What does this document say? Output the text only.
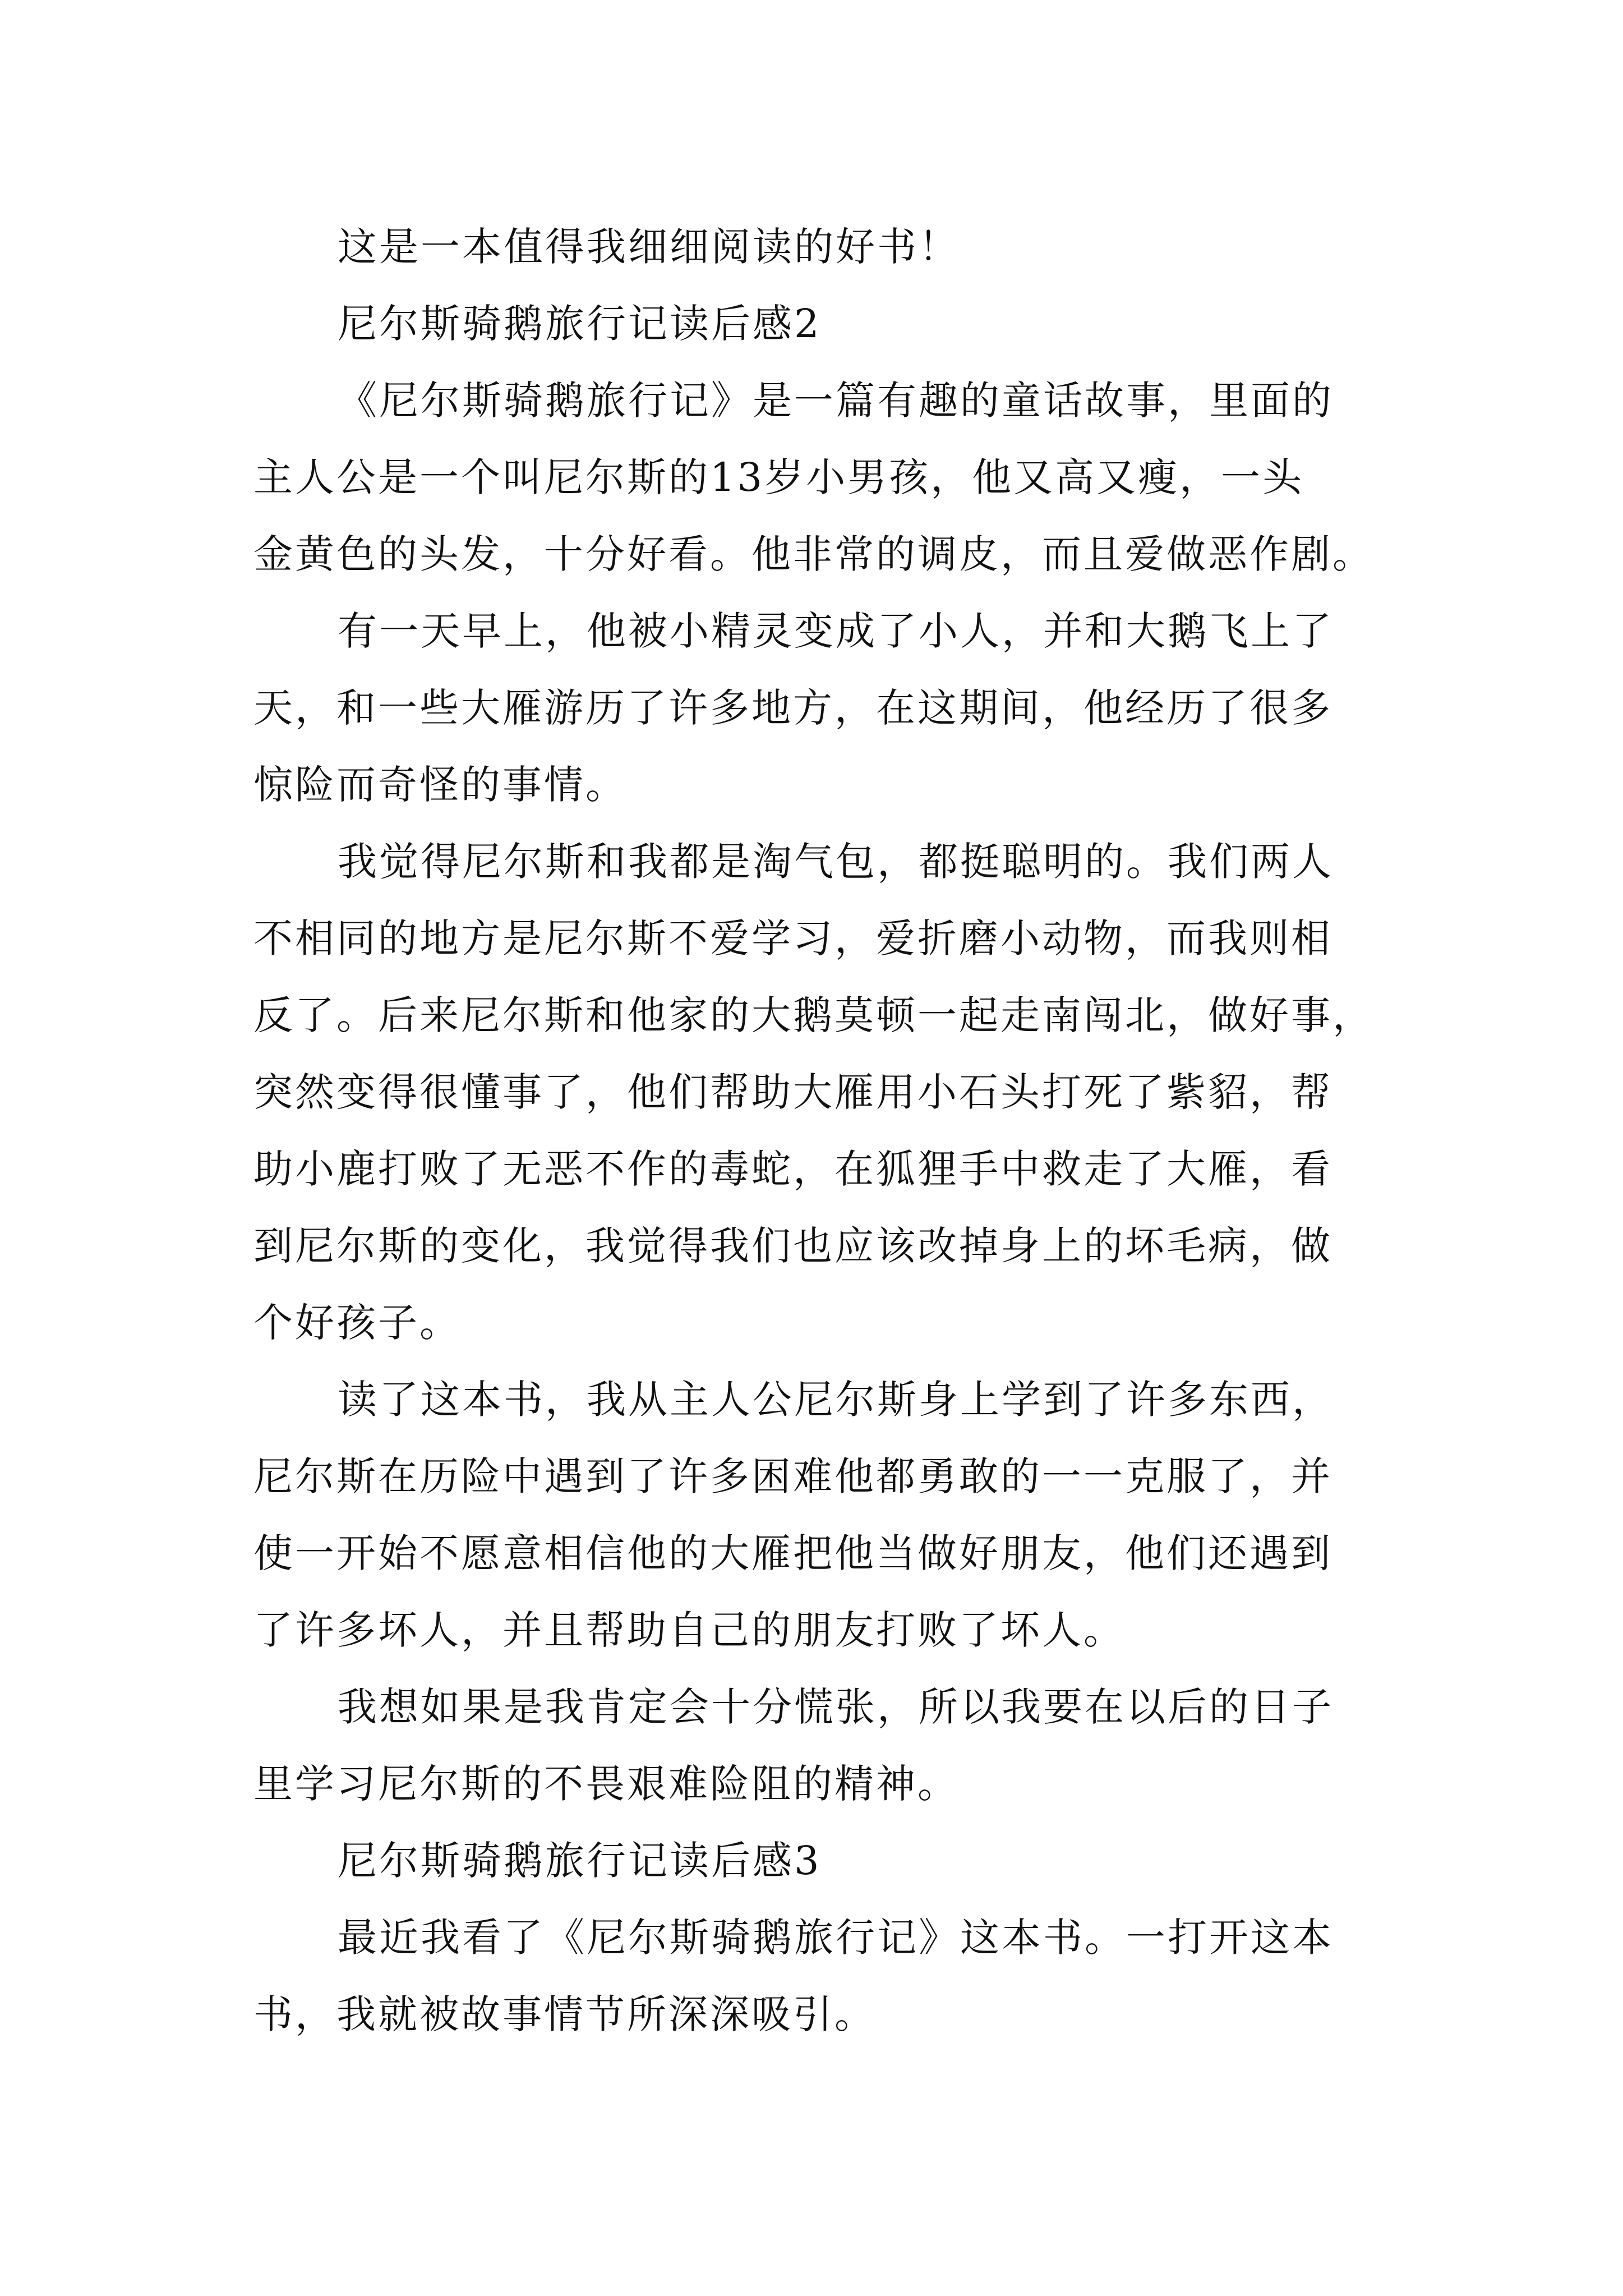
这是一本值得我细细阅读的好书！
尼尔斯骑鹅旅行记读后感2
《尼尔斯骑鹅旅行记》是一篇有趣的童话故事，里面的
主人公是一个叫尼尔斯的13岁小男孩，他又高又瘦，一头
金黄色的头发，十分好看。他非常的调皮，而且爱做恶作剧。
有一天早上，他被小精灵变成了小人，并和大鹅飞上了
天，和一些大雁游历了许多地方，在这期间，他经历了很多
惊险而奇怪的事情。
我觉得尼尔斯和我都是淘气包，都挺聪明的。我们两人
不相同的地方是尼尔斯不爱学习，爱折磨小动物，而我则相
反了。后来尼尔斯和他家的大鹅莫顿一起走南闯北，做好事，
突然变得很懂事了，他们帮助大雁用小石头打死了紫貂，帮
助小鹿打败了无恶不作的毒蛇，在狐狸手中救走了大雁，看
到尼尔斯的变化，我觉得我们也应该改掉身上的坏毛病，做
个好孩子。
读了这本书，我从主人公尼尔斯身上学到了许多东西，
尼尔斯在历险中遇到了许多困难他都勇敢的一一克服了，并
使一开始不愿意相信他的大雁把他当做好朋友，他们还遇到
了许多坏人，并且帮助自己的朋友打败了坏人。
我想如果是我肯定会十分慌张，所以我要在以后的日子
里学习尼尔斯的不畏艰难险阻的精神。
尼尔斯骑鹅旅行记读后感3
最近我看了《尼尔斯骑鹅旅行记》这本书。一打开这本
书，我就被故事情节所深深吸引。
